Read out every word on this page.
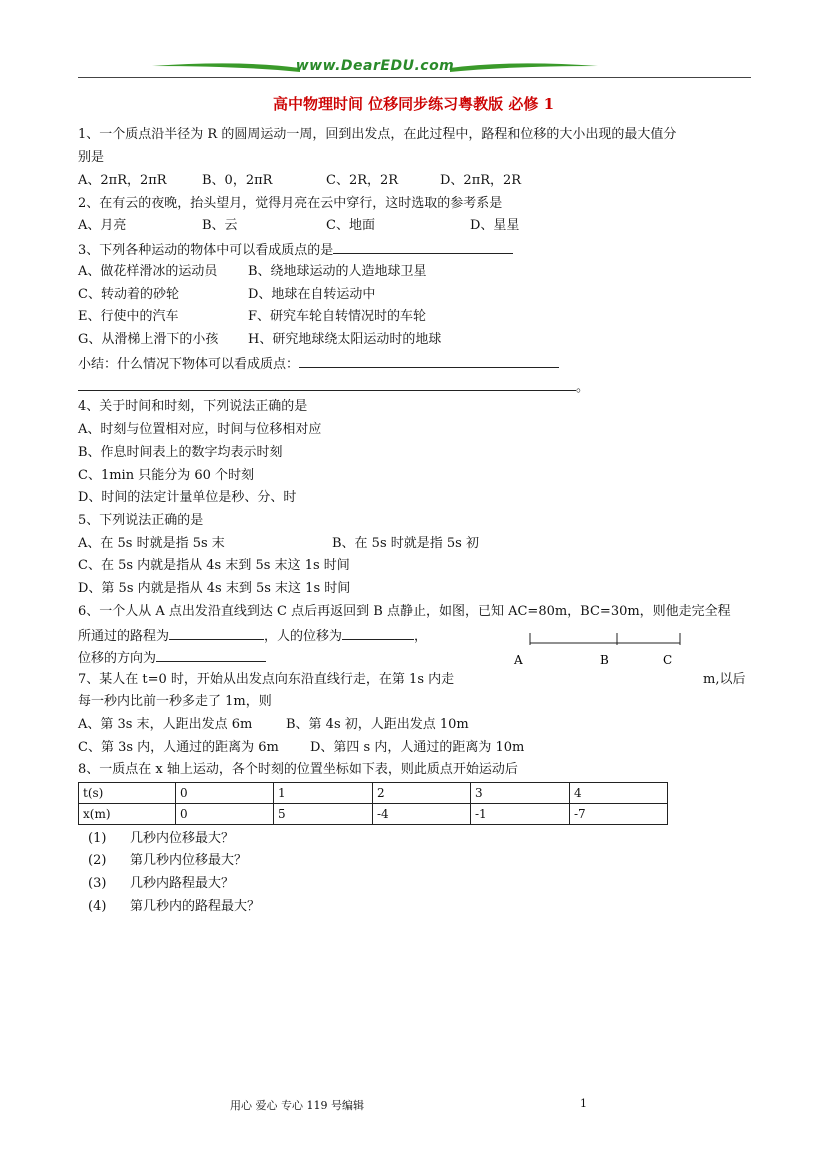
www.DearEDU.com
高中物理时间 位移同步练习粤教版 必修 1
1、一个质点沿半径为 R 的圆周运动一周，回到出发点，在此过程中，路程和位移的大小出现的最大值分
别是
A、2πR，2πR	B、0，2πR	C、2R，2R	D、2πR，2R
2、在有云的夜晚，抬头望月，觉得月亮在云中穿行，这时选取的参考系是
A、月亮	B、云	C、地面	D、星星
3、下列各种运动的物体中可以看成质点的是
A、做花样滑冰的运动员 B、绕地球运动的人造地球卫星
C、转动着的砂轮	D、地球在自转运动中
E、行使中的汽车	F、研究车轮自转情况时的车轮
G、从滑梯上滑下的小孩 H、研究地球绕太阳运动时的地球
小结：什么情况下物体可以看成质点：
。
4、关于时间和时刻，下列说法正确的是
A、时刻与位置相对应，时间与位移相对应
B、作息时间表上的数字均表示时刻
C、1min 只能分为 60 个时刻
D、时间的法定计量单位是秒、分、时
5、下列说法正确的是
A、在 5s 时就是指 5s 末	B、在 5s 时就是指 5s 初
C、在 5s 内就是指从 4s 末到 5s 末这 1s 时间
D、第 5s 内就是指从 4s 末到 5s 末这 1s 时间
6、一个人从 A 点出发沿直线到达 C 点后再返回到 B 点静止，如图，已知 AC=80m，BC=30m，则他走完全程
所通过的路程为	，人的位移为	，
位移的方向为	A	B	C
7、某人在 t=0 时，开始从出发点向东沿直线行走，在第 1s 内走	m,以后
每一秒内比前一秒多走了 1m，则
A、第 3s 末，人距出发点 6m	B、第 4s 初，人距出发点 10m
C、第 3s 内，人通过的距离为 6m D、第四 s 内，人通过的距离为 10m
8、一质点在 x 轴上运动，各个时刻的位置坐标如下表，则此质点开始运动后
t(s)	0	1	2	3	4
x(m)	0	5	-4	-1	-7
(1) 几秒内位移最大？
(2) 第几秒内位移最大？
(3) 几秒内路程最大？
(4) 第几秒内的路程最大？
用心 爱心 专心 119 号编辑	1
